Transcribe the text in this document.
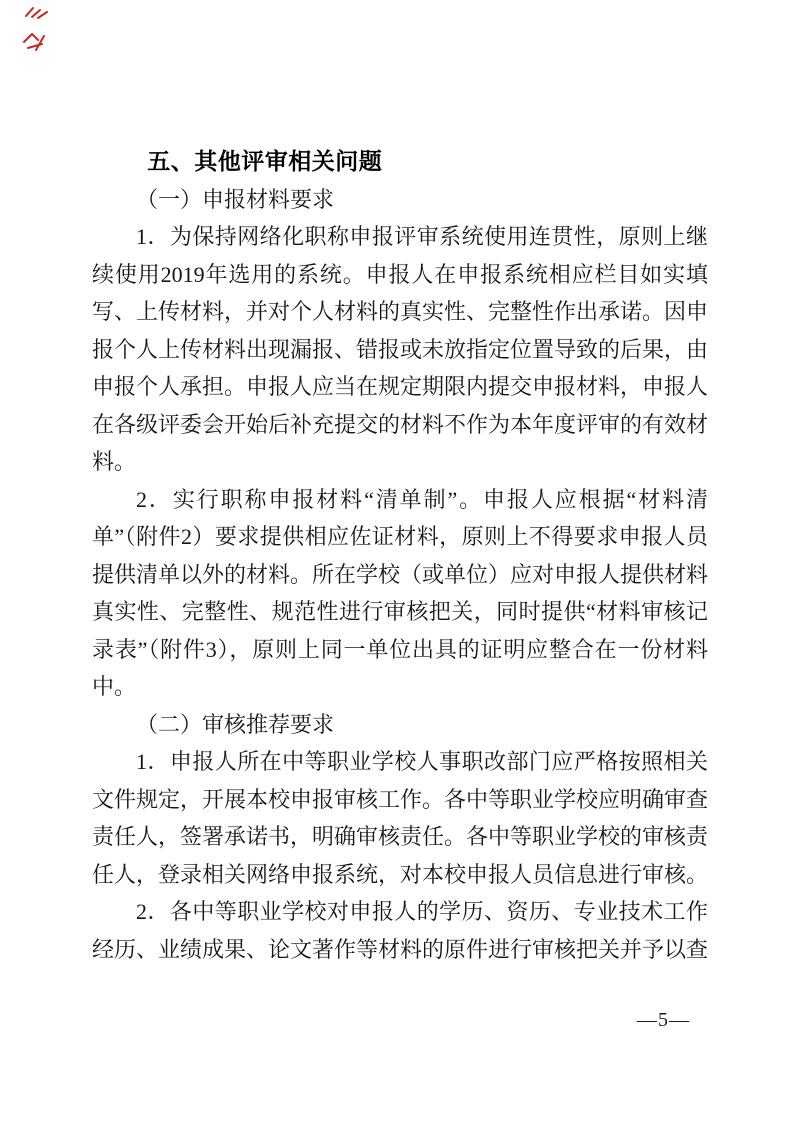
五、其他评审相关问题
（一）申报材料要求

1．为保持网络化职称申报评审系统使用连贯性，原则上继续使用2019年选用的系统。申报人在申报系统相应栏目如实填写、上传材料，并对个人材料的真实性、完整性作出承诺。因申报个人上传材料出现漏报、错报或未放指定位置导致的后果，由申报个人承担。申报人应当在规定期限内提交申报材料，申报人在各级评委会开始后补充提交的材料不作为本年度评审的有效材料。

2．实行职称申报材料“清单制”。申报人应根据“材料清单”（附件2）要求提供相应佐证材料，原则上不得要求申报人员提供清单以外的材料。所在学校（或单位）应对申报人提供材料真实性、完整性、规范性进行审核把关，同时提供“材料审核记录表”（附件3），原则上同一单位出具的证明应整合在一份材料中。

（二）审核推荐要求

1．申报人所在中等职业学校人事职改部门应严格按照相关文件规定，开展本校申报审核工作。各中等职业学校应明确审查责任人，签署承诺书，明确审核责任。各中等职业学校的审核责任人，登录相关网络申报系统，对本校申报人员信息进行审核。

2．各中等职业学校对申报人的学历、资历、专业技术工作经历、业绩成果、论文著作等材料的原件进行审核把关并予以查

—5—
